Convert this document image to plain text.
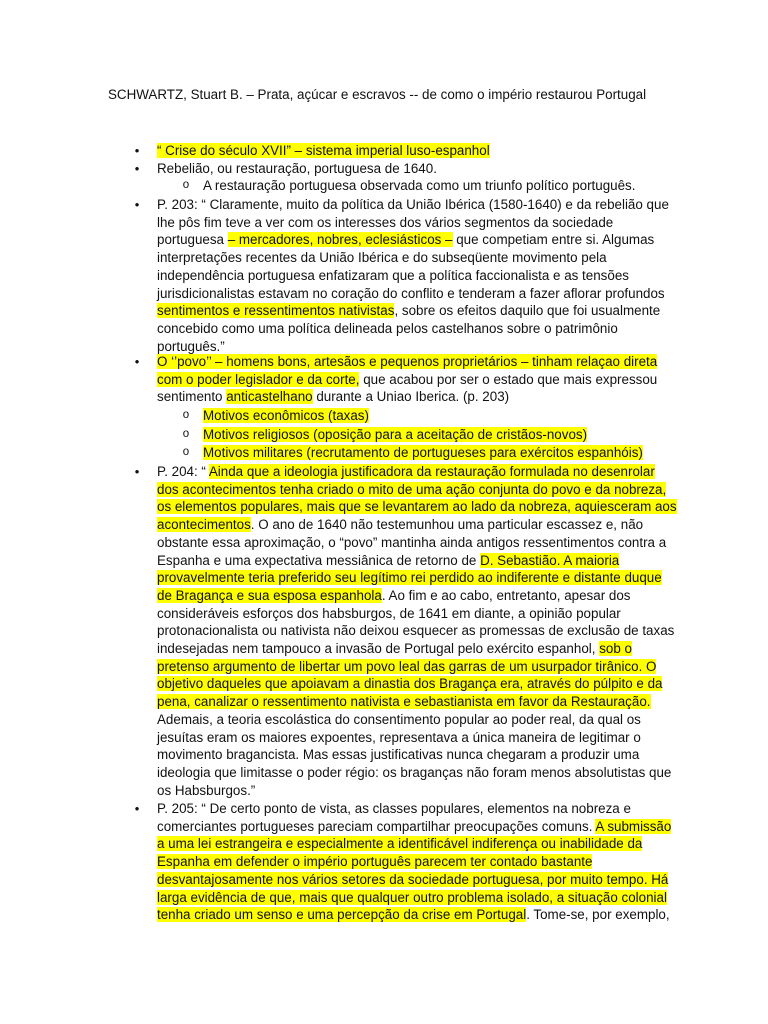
SCHWARTZ, Stuart B. – Prata, açúcar e escravos -- de como o império restaurou Portugal
•	“ Crise do século XVII” – sistema imperial luso-espanhol
•	Rebelião, ou restauração, portuguesa de 1640.
o A restauração portuguesa observada como um triunfo político português.
•	P. 203: “ Claramente, muito da política da União Ibérica (1580-1640) e da rebelião que
lhe pôs fim teve a ver com os interesses dos vários segmentos da sociedade
portuguesa – mercadores, nobres, eclesiásticos – que competiam entre si. Algumas
interpretações recentes da União Ibérica e do subseqüente movimento pela
independência portuguesa enfatizaram que a política faccionalista e as tensões
jurisdicionalistas estavam no coração do conflito e tenderam a fazer aflorar profundos
sentimentos e ressentimentos nativistas, sobre os efeitos daquilo que foi usualmente
concebido como uma política delineada pelos castelhanos sobre o patrimônio
português.”
•	O ‘’povo’’ – homens bons, artesãos e pequenos proprietários – tinham relaçao direta
com o poder legislador e da corte, que acabou por ser o estado que mais expressou
sentimento anticastelhano durante a Uniao Iberica. (p. 203)
o Motivos econômicos (taxas)
o Motivos religiosos (oposição para a aceitação de cristãos-novos)
o Motivos militares (recrutamento de portugueses para exércitos espanhóis)
•	P. 204: “ Ainda que a ideologia justificadora da restauração formulada no desenrolar
dos acontecimentos tenha criado o mito de uma ação conjunta do povo e da nobreza,
os elementos populares, mais que se levantarem ao lado da nobreza, aquiesceram aos
acontecimentos. O ano de 1640 não testemunhou uma particular escassez e, não
obstante essa aproximação, o “povo” mantinha ainda antigos ressentimentos contra a
Espanha e uma expectativa messiânica de retorno de D. Sebastião. A maioria
provavelmente teria preferido seu legítimo rei perdido ao indiferente e distante duque
de Bragança e sua esposa espanhola. Ao fim e ao cabo, entretanto, apesar dos
consideráveis esforços dos habsburgos, de 1641 em diante, a opinião popular
protonacionalista ou nativista não deixou esquecer as promessas de exclusão de taxas
indesejadas nem tampouco a invasão de Portugal pelo exército espanhol, sob o
pretenso argumento de libertar um povo leal das garras de um usurpador tirânico. O
objetivo daqueles que apoiavam a dinastia dos Bragança era, através do púlpito e da
pena, canalizar o ressentimento nativista e sebastianista em favor da Restauração.
Ademais, a teoria escolástica do consentimento popular ao poder real, da qual os
jesuítas eram os maiores expoentes, representava a única maneira de legitimar o
movimento bragancista. Mas essas justificativas nunca chegaram a produzir uma
ideologia que limitasse o poder régio: os braganças não foram menos absolutistas que
os Habsburgos.”
•	P. 205: “ De certo ponto de vista, as classes populares, elementos na nobreza e
comerciantes portugueses pareciam compartilhar preocupações comuns. A submissão
a uma lei estrangeira e especialmente a identificável indiferença ou inabilidade da
Espanha em defender o império português parecem ter contado bastante
desvantajosamente nos vários setores da sociedade portuguesa, por muito tempo. Há
larga evidência de que, mais que qualquer outro problema isolado, a situação colonial
tenha criado um senso e uma percepção da crise em Portugal. Tome-se, por exemplo,
